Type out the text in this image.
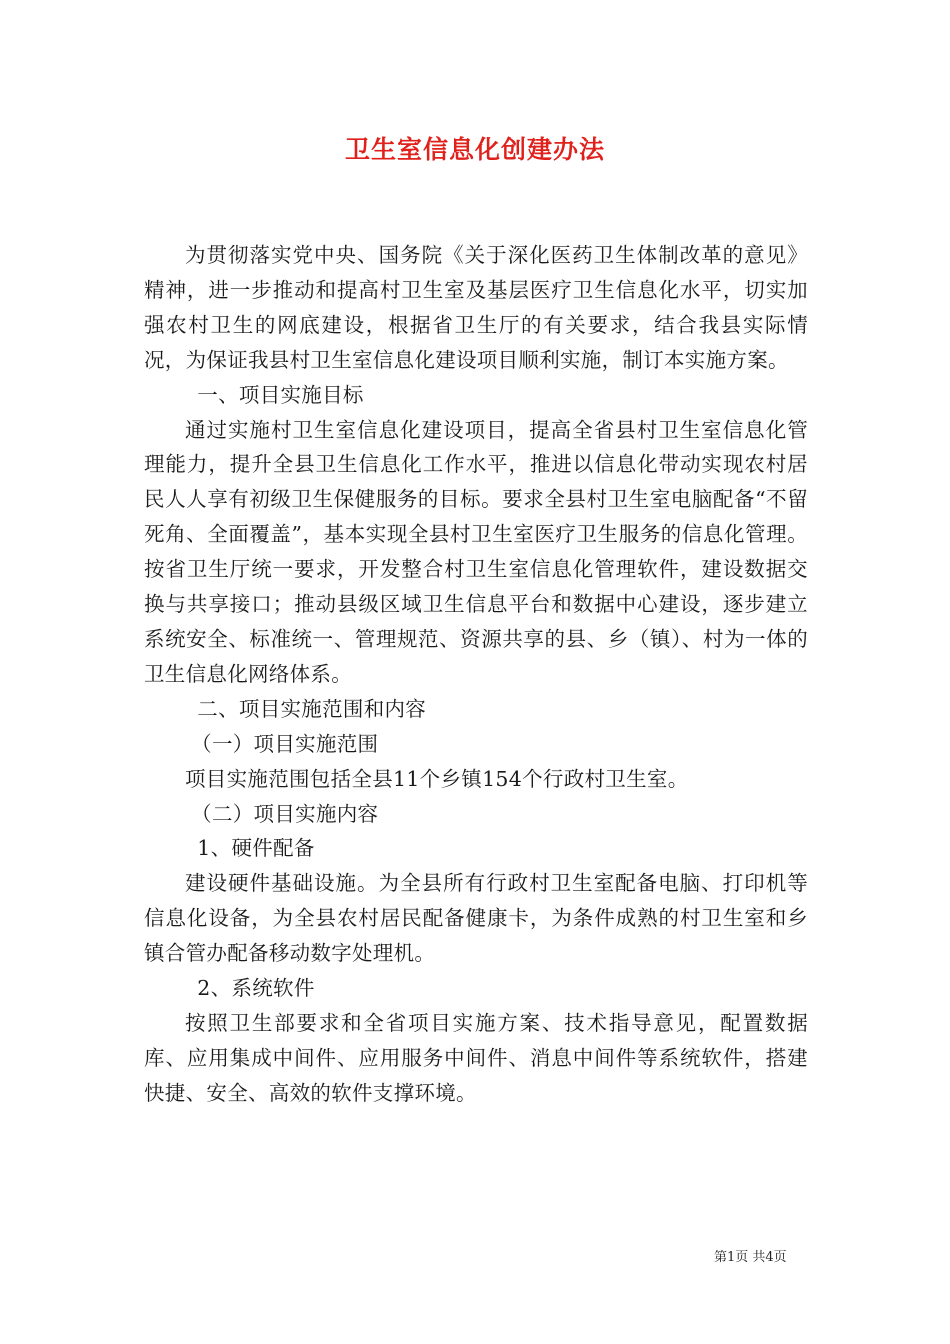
卫生室信息化创建办法

为贯彻落实党中央、国务院《关于深化医药卫生体制改革的意见》精神，进一步推动和提高村卫生室及基层医疗卫生信息化水平，切实加强农村卫生的网底建设，根据省卫生厅的有关要求，结合我县实际情况，为保证我县村卫生室信息化建设项目顺利实施，制订本实施方案。

一、项目实施目标

通过实施村卫生室信息化建设项目，提高全省县村卫生室信息化管理能力，提升全县卫生信息化工作水平，推进以信息化带动实现农村居民人人享有初级卫生保健服务的目标。要求全县村卫生室电脑配备“不留死角、全面覆盖”，基本实现全县村卫生室医疗卫生服务的信息化管理。按省卫生厅统一要求，开发整合村卫生室信息化管理软件，建设数据交换与共享接口；推动县级区域卫生信息平台和数据中心建设，逐步建立系统安全、标准统一、管理规范、资源共享的县、乡（镇）、村为一体的卫生信息化网络体系。

二、项目实施范围和内容

（一）项目实施范围

项目实施范围包括全县11个乡镇154个行政村卫生室。

（二）项目实施内容

1、硬件配备

建设硬件基础设施。为全县所有行政村卫生室配备电脑、打印机等信息化设备，为全县农村居民配备健康卡，为条件成熟的村卫生室和乡镇合管办配备移动数字处理机。

2、系统软件

按照卫生部要求和全省项目实施方案、技术指导意见，配置数据库、应用集成中间件、应用服务中间件、消息中间件等系统软件，搭建快捷、安全、高效的软件支撑环境。

第1页 共4页
